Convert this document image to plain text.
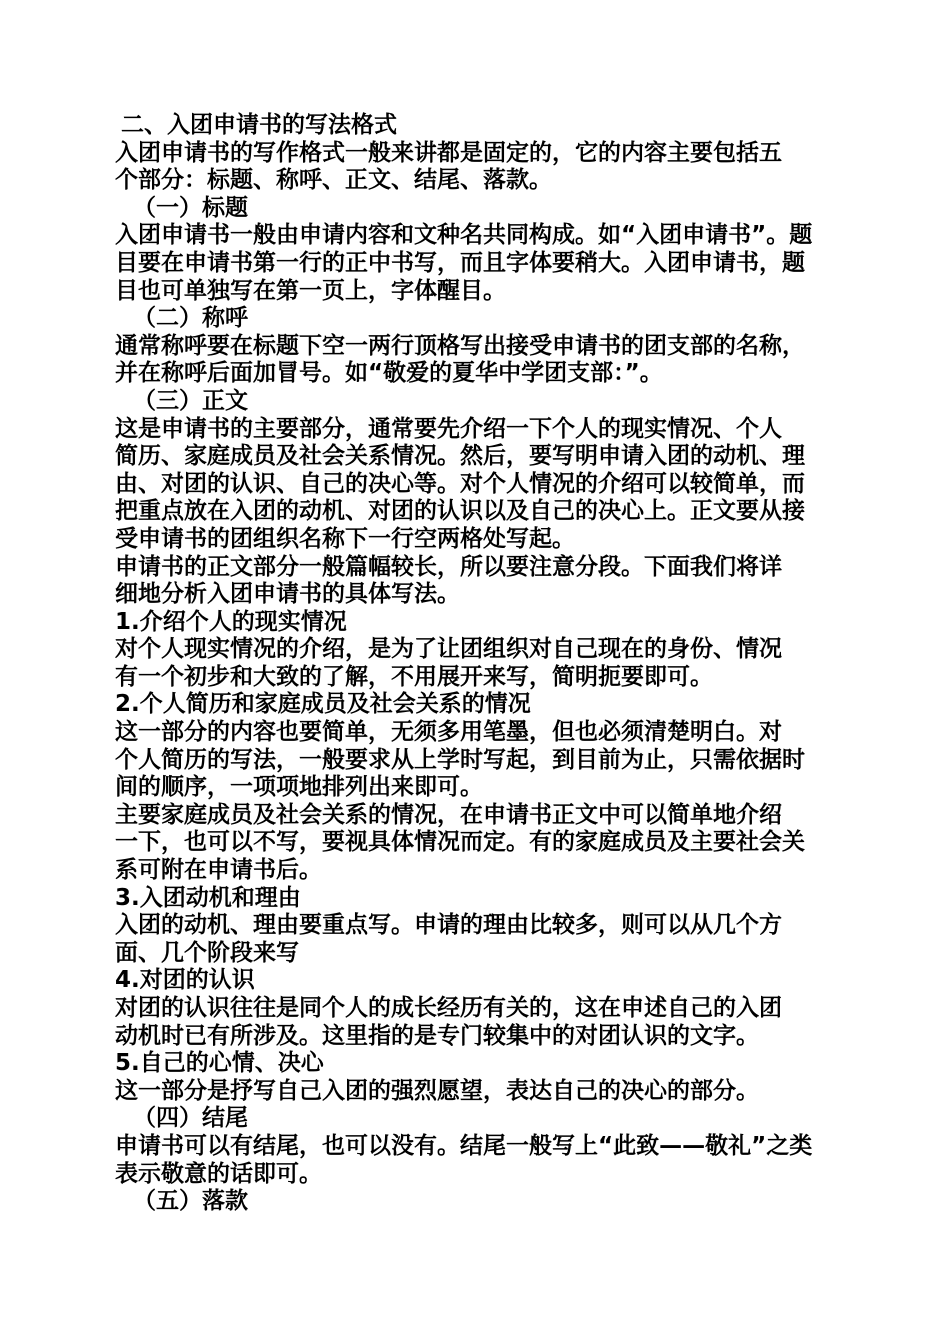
二、入团申请书的写法格式
入团申请书的写作格式一般来讲都是固定的，它的内容主要包括五
个部分：标题、称呼、正文、结尾、落款。
（一）标题
入团申请书一般由申请内容和文种名共同构成。如“入团申请书”。题
目要在申请书第一行的正中书写，而且字体要稍大。入团申请书，题
目也可单独写在第一页上，字体醒目。
（二）称呼
通常称呼要在标题下空一两行顶格写出接受申请书的团支部的名称，
并在称呼后面加冒号。如“敬爱的夏华中学团支部：”。
（三）正文
这是申请书的主要部分，通常要先介绍一下个人的现实情况、个人
简历、家庭成员及社会关系情况。然后，要写明申请入团的动机、理
由、对团的认识、自己的决心等。对个人情况的介绍可以较简单，而
把重点放在入团的动机、对团的认识以及自己的决心上。正文要从接
受申请书的团组织名称下一行空两格处写起。
申请书的正文部分一般篇幅较长，所以要注意分段。下面我们将详
细地分析入团申请书的具体写法。
1.介绍个人的现实情况
对个人现实情况的介绍，是为了让团组织对自己现在的身份、情况
有一个初步和大致的了解，不用展开来写，简明扼要即可。
2.个人简历和家庭成员及社会关系的情况
这一部分的内容也要简单，无须多用笔墨，但也必须清楚明白。对
个人简历的写法，一般要求从上学时写起，到目前为止，只需依据时
间的顺序，一项项地排列出来即可。
主要家庭成员及社会关系的情况，在申请书正文中可以简单地介绍
一下，也可以不写，要视具体情况而定。有的家庭成员及主要社会关
系可附在申请书后。
3.入团动机和理由
入团的动机、理由要重点写。申请的理由比较多，则可以从几个方
面、几个阶段来写
4.对团的认识
对团的认识往往是同个人的成长经历有关的，这在申述自己的入团
动机时已有所涉及。这里指的是专门较集中的对团认识的文字。
5.自己的心情、决心
这一部分是抒写自己入团的强烈愿望，表达自己的决心的部分。
（四）结尾
申请书可以有结尾，也可以没有。结尾一般写上“此致——敬礼”之类
表示敬意的话即可。
（五）落款
